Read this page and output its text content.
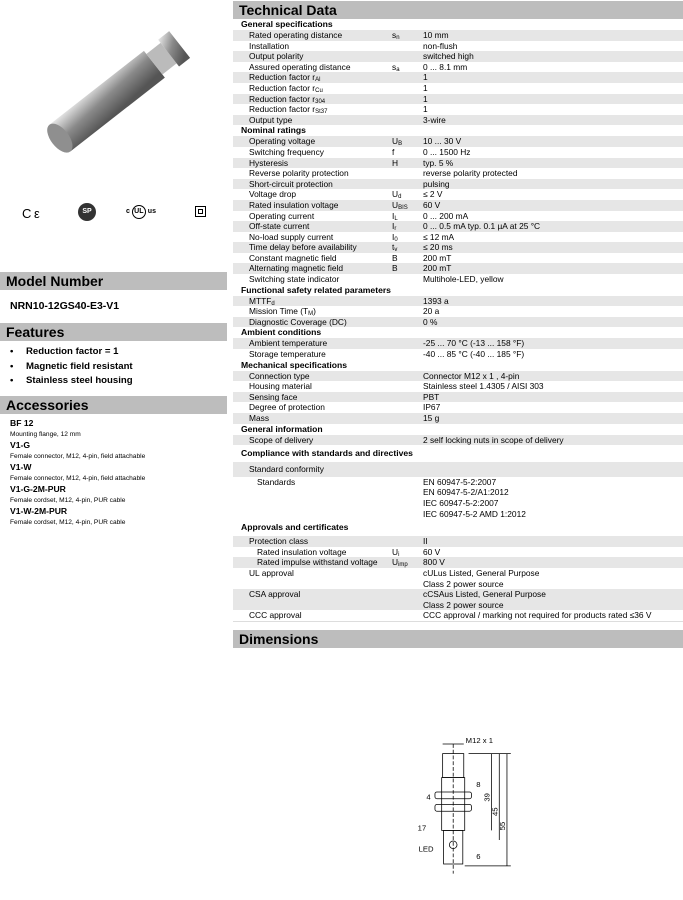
C ε	SP	c UL us
Model Number
NRN10-12GS40-E3-V1
Features
• Reduction factor = 1
• Magnetic field resistant
• Stainless steel housing
Accessories
BF 12
Mounting flange, 12 mm
V1-G
Female connector, M12, 4-pin, field attachable
V1-W
Female connector, M12, 4-pin, field attachable
V1-G-2M-PUR
Female cordset, M12, 4-pin, PUR cable
V1-W-2M-PUR
Female cordset, M12, 4-pin, PUR cable
Technical Data
General specifications
Rated operating distance	$s_n$	10 mm
Installation	non-flush
Output polarity	switched high
Assured operating distance	$s_a$	0 ... 8.1 mm
Reduction factor $r_{Al}$	1
Reduction factor $r_{Cu}$	1
Reduction factor $r_{304}$	1
Reduction factor $r_{St37}$	1
Output type	3-wire
Nominal ratings
Operating voltage	$U_B$	10 ... 30 V
Switching frequency	f	0 ... 1500 Hz
Hysteresis	H	typ. 5 %
Reverse polarity protection	reverse polarity protected
Short-circuit protection	pulsing
Voltage drop	$U_d$	≤ 2 V
Rated insulation voltage	$U_{BIS}$	60 V
Operating current	$I_L$	0 ... 200 mA
Off-state current	$I_r$	0 ... 0.5 mA typ. 0.1 µA at 25 °C
No-load supply current	$I_0$	≤ 12 mA
Time delay before availability	$t_v$	≤ 20 ms
Constant magnetic field	B	200 mT
Alternating magnetic field	B	200 mT
Switching state indicator	Multihole-LED, yellow
Functional safety related parameters
$MTTF_d$	1393 a
Mission Time $(T_M)$	20 a
Diagnostic Coverage (DC)	0 %
Ambient conditions
Ambient temperature	-25 ... 70 °C (-13 ... 158 °F)
Storage temperature	-40 ... 85 °C (-40 ... 185 °F)
Mechanical specifications
Connection type	Connector M12 x 1 , 4-pin
Housing material	Stainless steel 1.4305 / AISI 303
Sensing face	PBT
Degree of protection	IP67
Mass	15 g
General information
Scope of delivery	2 self locking nuts in scope of delivery
Compliance with standards and directives
Standard conformity
Standards	EN 60947-5-2:2007
EN 60947-5-2/A1:2012
IEC 60947-5-2:2007
IEC 60947-5-2 AMD 1:2012
Approvals and certificates
Protection class	II
Rated insulation voltage	$U_i$	60 V
Rated impulse withstand voltage	$U_{imp}$	800 V
UL approval	cULus Listed, General Purpose
Class 2 power source
CSA approval	cCSAus Listed, General Purpose
Class 2 power source
CCC approval	CCC approval / marking not required for products rated ≤36 V
Dimensions
M12 x 1
8
4	39
45
55
17
6
LED
